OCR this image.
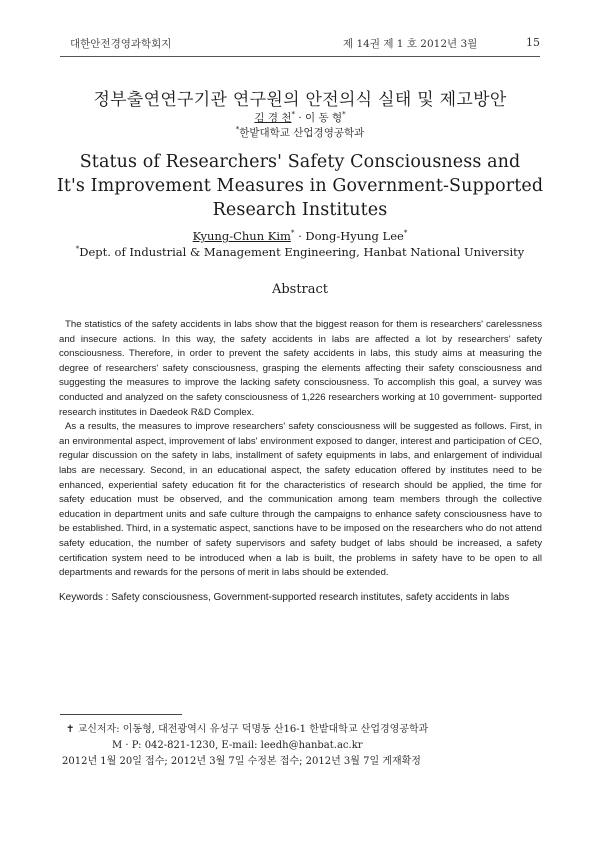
대한안전경영과학회지	제 14권 제 1 호 2012년 3월	15
정부출연연구기관 연구원의 안전의식 실태 및 제고방안
김 경 천* · 이 동 형*
*한밭대학교 산업경영공학과
Status of Researchers' Safety Consciousness and
It's Improvement Measures in Government-Supported
Research Institutes
Kyung-Chun Kim* · Dong-Hyung Lee*
*Dept. of Industrial & Management Engineering, Hanbat National University
Abstract

The statistics of the safety accidents in labs show that the biggest reason for them is researchers' carelessness and insecure actions. In this way, the safety accidents in labs are affected a lot by researchers' safety consciousness. Therefore, in order to prevent the safety accidents in labs, this study aims at measuring the degree of researchers' safety consciousness, grasping the elements affecting their safety consciousness and suggesting the measures to improve the lacking safety consciousness. To accomplish this goal, a survey was conducted and analyzed on the safety consciousness of 1,226 researchers working at 10 government- supported research institutes in Daedeok R&D Complex.

As a results, the measures to improve researchers' safety consciousness will be suggested as follows. First, in an environmental aspect, improvement of labs' environment exposed to danger, interest and participation of CEO, regular discussion on the safety in labs, installment of safety equipments in labs, and enlargement of individual labs are necessary. Second, in an educational aspect, the safety education offered by institutes need to be enhanced, experiential safety education fit for the characteristics of research should be applied, the time for safety education must be observed, and the communication among team members through the collective education in department units and safe culture through the campaigns to enhance safety consciousness have to be established. Third, in a systematic aspect, sanctions have to be imposed on the researchers who do not attend safety education, the number of safety supervisors and safety budget of labs should be increased, a safety certification system need to be introduced when a lab is built, the problems in safety have to be open to all departments and rewards for the persons of merit in labs should be extended.

Keywords : Safety consciousness, Government-supported research institutes, safety accidents in labs
✝ 교신저자: 이동형, 대전광역시 유성구 덕명동 산16-1 한밭대학교 산업경영공학과
M · P: 042-821-1230, E-mail: leedh@hanbat.ac.kr
2012년 1월 20일 접수; 2012년 3월 7일 수정본 접수; 2012년 3월 7일 게재확정
